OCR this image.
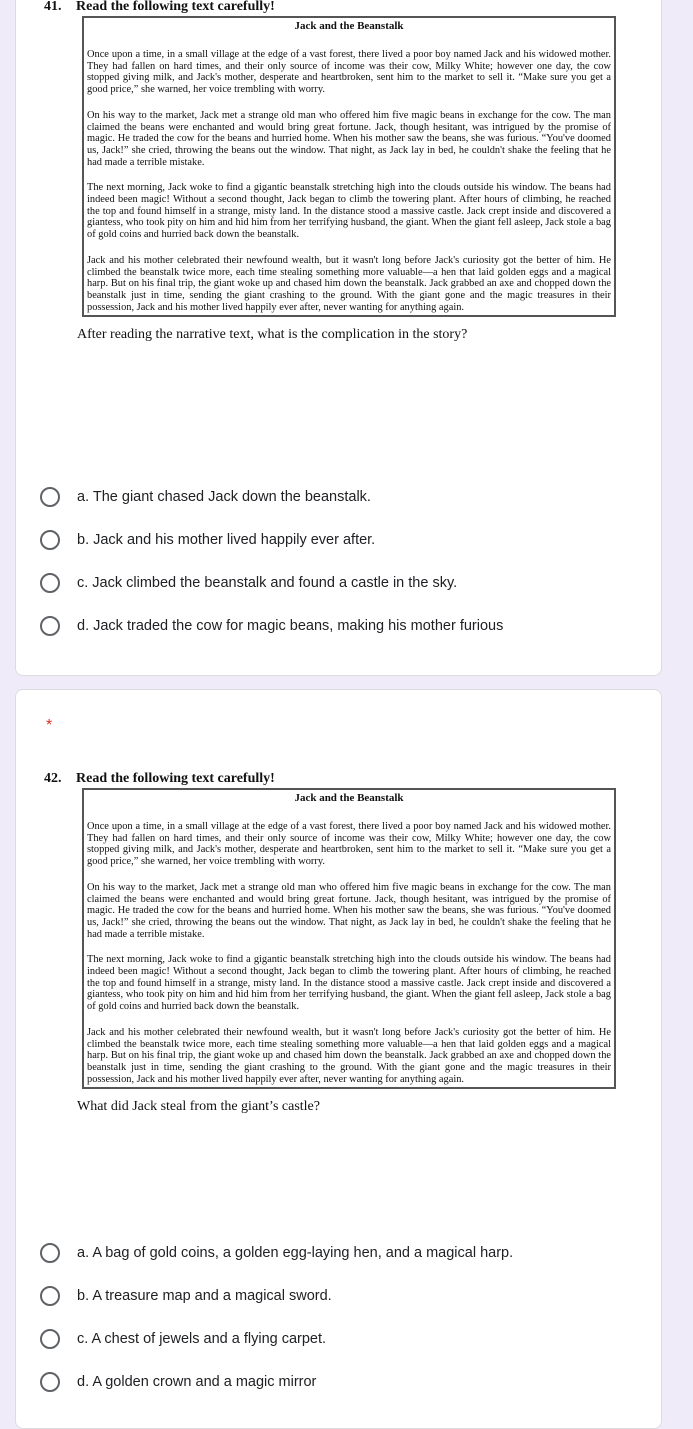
41. Read the following text carefully!
Jack and the Beanstalk

Once upon a time, in a small village at the edge of a vast forest, there lived a poor boy named Jack and his widowed mother. They had fallen on hard times, and their only source of income was their cow, Milky White; however one day, the cow stopped giving milk, and Jack's mother, desperate and heartbroken, sent him to the market to sell it. “Make sure you get a good price,” she warned, her voice trembling with worry.

On his way to the market, Jack met a strange old man who offered him five magic beans in exchange for the cow. The man claimed the beans were enchanted and would bring great fortune. Jack, though hesitant, was intrigued by the promise of magic. He traded the cow for the beans and hurried home. When his mother saw the beans, she was furious. “You've doomed us, Jack!” she cried, throwing the beans out the window. That night, as Jack lay in bed, he couldn't shake the feeling that he had made a terrible mistake.

The next morning, Jack woke to find a gigantic beanstalk stretching high into the clouds outside his window. The beans had indeed been magic! Without a second thought, Jack began to climb the towering plant. After hours of climbing, he reached the top and found himself in a strange, misty land. In the distance stood a massive castle. Jack crept inside and discovered a giantess, who took pity on him and hid him from her terrifying husband, the giant. When the giant fell asleep, Jack stole a bag of gold coins and hurried back down the beanstalk.

Jack and his mother celebrated their newfound wealth, but it wasn't long before Jack's curiosity got the better of him. He climbed the beanstalk twice more, each time stealing something more valuable—a hen that laid golden eggs and a magical harp. But on his final trip, the giant woke up and chased him down the beanstalk. Jack grabbed an axe and chopped down the beanstalk just in time, sending the giant crashing to the ground. With the giant gone and the magic treasures in their possession, Jack and his mother lived happily ever after, never wanting for anything again.

After reading the narrative text, what is the complication in the story?
a. The giant chased Jack down the beanstalk.
b. Jack and his mother lived happily ever after.
c. Jack climbed the beanstalk and found a castle in the sky.
d. Jack traded the cow for magic beans, making his mother furious
*
42. Read the following text carefully!
Jack and the Beanstalk

Once upon a time, in a small village at the edge of a vast forest, there lived a poor boy named Jack and his widowed mother. They had fallen on hard times, and their only source of income was their cow, Milky White; however one day, the cow stopped giving milk, and Jack's mother, desperate and heartbroken, sent him to the market to sell it. “Make sure you get a good price,” she warned, her voice trembling with worry.

On his way to the market, Jack met a strange old man who offered him five magic beans in exchange for the cow. The man claimed the beans were enchanted and would bring great fortune. Jack, though hesitant, was intrigued by the promise of magic. He traded the cow for the beans and hurried home. When his mother saw the beans, she was furious. “You've doomed us, Jack!” she cried, throwing the beans out the window. That night, as Jack lay in bed, he couldn't shake the feeling that he had made a terrible mistake.

The next morning, Jack woke to find a gigantic beanstalk stretching high into the clouds outside his window. The beans had indeed been magic! Without a second thought, Jack began to climb the towering plant. After hours of climbing, he reached the top and found himself in a strange, misty land. In the distance stood a massive castle. Jack crept inside and discovered a giantess, who took pity on him and hid him from her terrifying husband, the giant. When the giant fell asleep, Jack stole a bag of gold coins and hurried back down the beanstalk.

Jack and his mother celebrated their newfound wealth, but it wasn't long before Jack's curiosity got the better of him. He climbed the beanstalk twice more, each time stealing something more valuable—a hen that laid golden eggs and a magical harp. But on his final trip, the giant woke up and chased him down the beanstalk. Jack grabbed an axe and chopped down the beanstalk just in time, sending the giant crashing to the ground. With the giant gone and the magic treasures in their possession, Jack and his mother lived happily ever after, never wanting for anything again.

What did Jack steal from the giant’s castle?
a. A bag of gold coins, a golden egg-laying hen, and a magical harp.
b. A treasure map and a magical sword.
c. A chest of jewels and a flying carpet.
d. A golden crown and a magic mirror
